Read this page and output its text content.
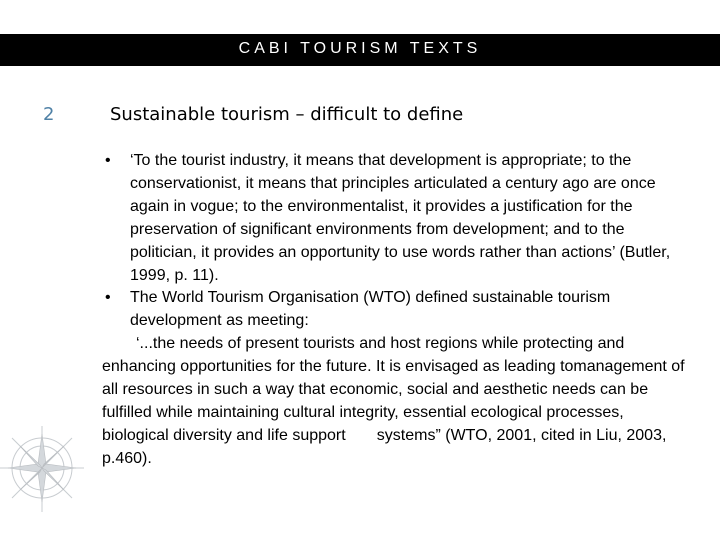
CABI TOURISM TEXTS
2	Sustainable tourism – difficult to define
• ‘To the tourist industry, it means that development is appropriate; to the conservationist, it means that principles articulated a century ago are once again in vogue; to the environmentalist, it provides a justification for the preservation of significant environments from development; and to the politician, it provides an opportunity to use words rather than actions’ (Butler, 1999, p. 11).
• The World Tourism Organisation (WTO) defined sustainable tourism development as meeting:
‘...the needs of present tourists and host regions while protecting and enhancing opportunities for the future. It is envisaged as leading tomanagement of all resources in such a way that economic, social and aesthetic needs can be fulfilled while maintaining cultural integrity, essential ecological processes, biological diversity and life support       systems” (WTO, 2001, cited in Liu, 2003, p.460).
